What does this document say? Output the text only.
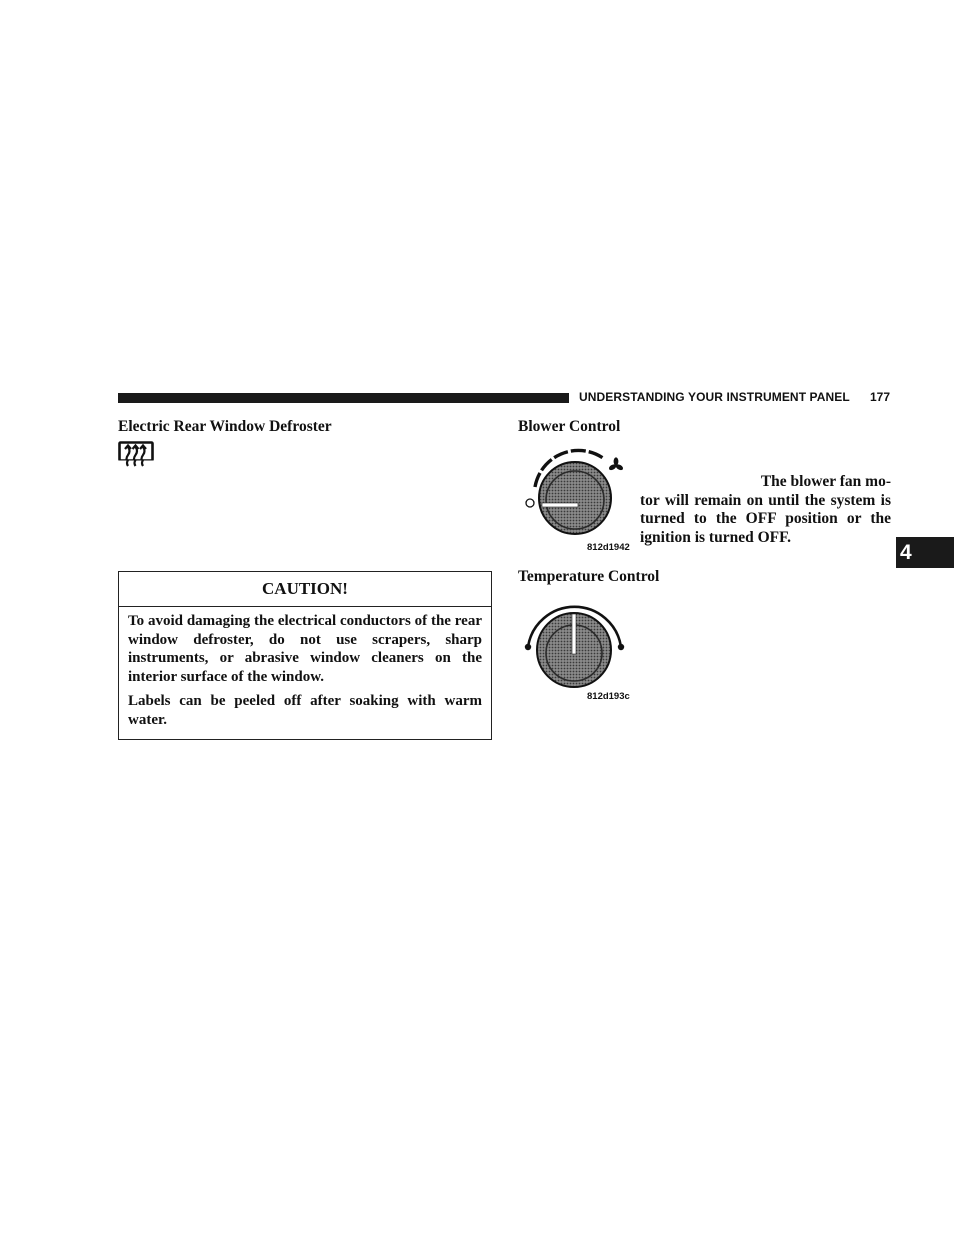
UNDERSTANDING YOUR INSTRUMENT PANEL 177
Electric Rear Window Defroster
CAUTION!

To avoid damaging the electrical conductors of the rear window defroster, do not use scrapers, sharp instruments, or abrasive window cleaners on the interior surface of the window.

Labels can be peeled off after soaking with warm water.

Blower Control
812d1942

The blower fan mo-
tor will remain on until the system is
turned to the OFF position or the
ignition is turned OFF.

4
Temperature Control
812d193c
